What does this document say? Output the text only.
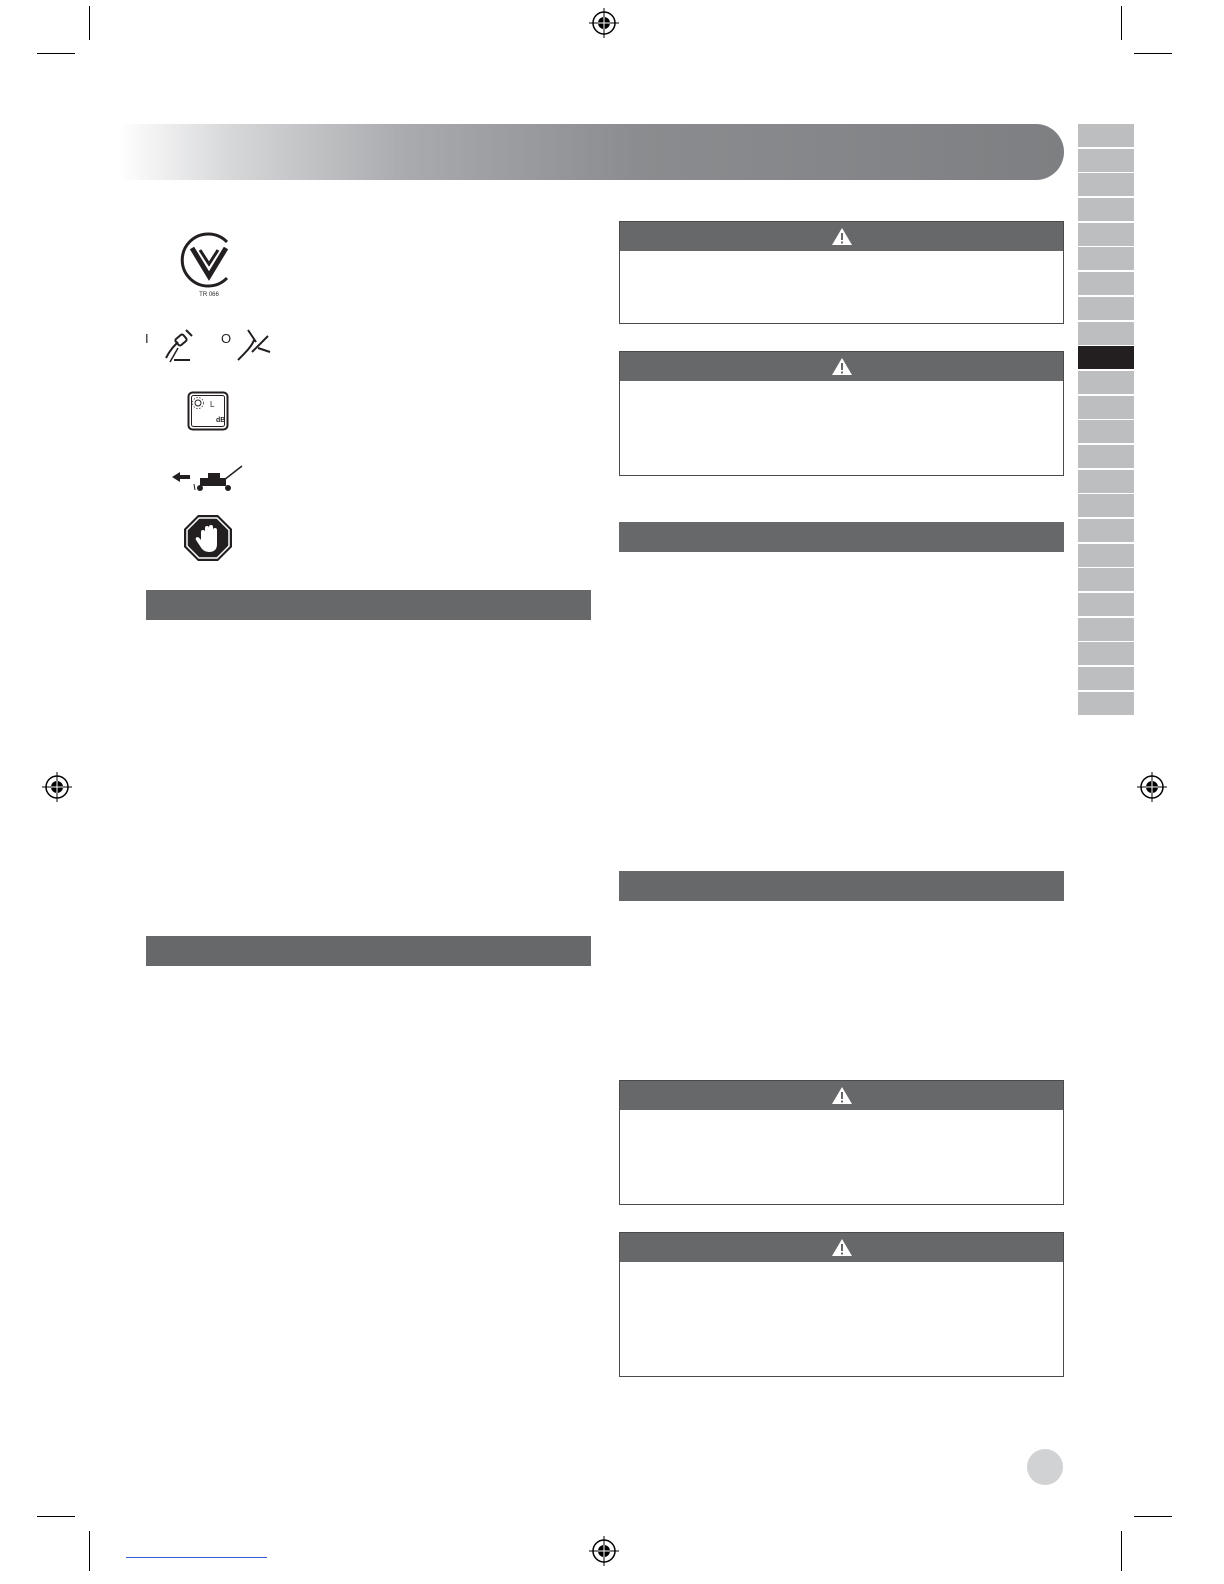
TR 066
I	O
L
dB
